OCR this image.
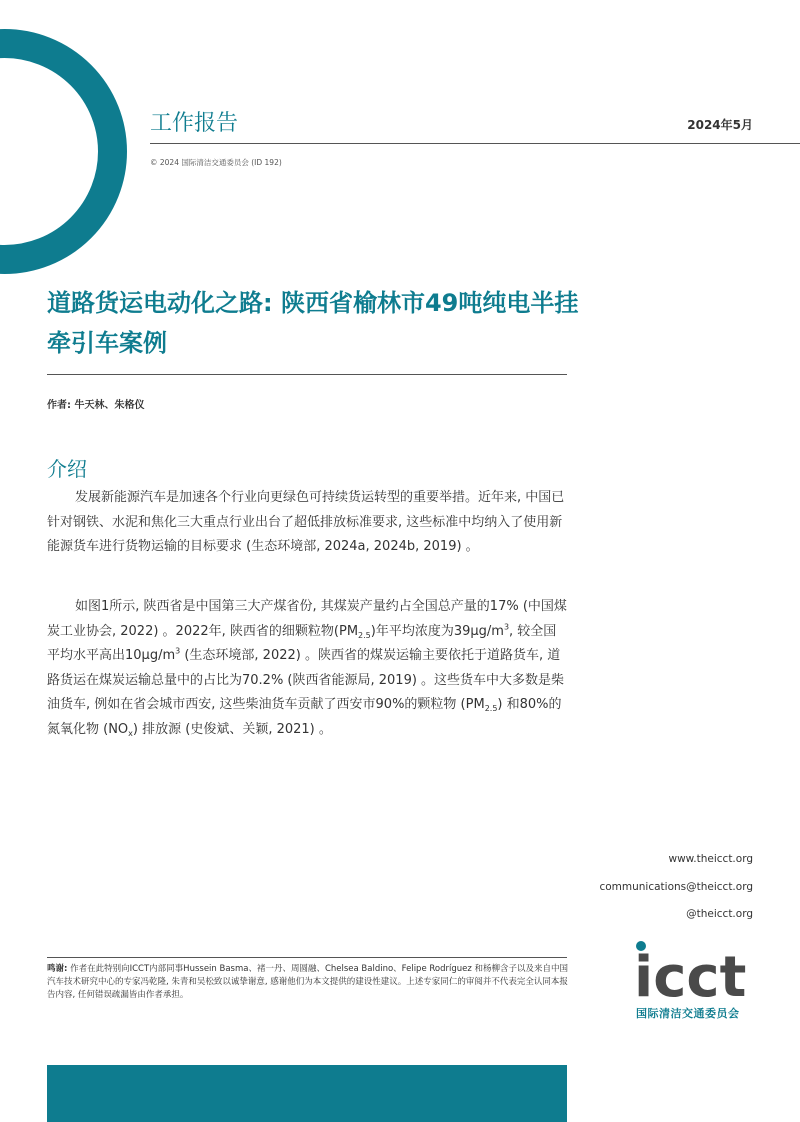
工作报告	2024年5月
© 2024 国际清洁交通委员会 (ID 192)
道路货运电动化之路: 陕西省榆林市49吨纯电半挂牵引车案例
作者: 牛天林、朱格仪
介绍

发展新能源汽车是加速各个行业向更绿色可持续货运转型的重要举措。近年来, 中国已针对钢铁、水泥和焦化三大重点行业出台了超低排放标准要求, 这些标准中均纳入了使用新能源货车进行货物运输的目标要求 (生态环境部, 2024a, 2024b, 2019) 。

如图1所示, 陕西省是中国第三大产煤省份, 其煤炭产量约占全国总产量的17% (中国煤炭工业协会, 2022) 。2022年, 陕西省的细颗粒物$(PM_{2.5})$年平均浓度为$39\mu g/m^3$, 较全国平均水平高出$10\mu g/m^3$ (生态环境部, 2022) 。陕西省的煤炭运输主要依托于道路货车, 道路货运在煤炭运输总量中的占比为70.2% (陕西省能源局, 2019) 。这些货车中大多数是柴油货车, 例如在省会城市西安, 这些柴油货车贡献了西安市90%的颗粒物 $(PM_{2.5})$ 和80%的氮氧化物 $(NO_x)$ 排放源 (史俊斌、关颖, 2021) 。

www.theicct.org
communications@theicct.org
@theicct.org

鸣谢: 作者在此特别向ICCT内部同事Hussein Basma、褚一丹、周圆融、Chelsea Baldino、Felipe Rodríguez 和杨柳含子以及来自中国汽车技术研究中心的专家冯乾隆, 朱青和吴松致以诚挚谢意, 感谢他们为本文提供的建设性建议。上述专家同仁的审阅并不代表完全认同本报告内容, 任何错误疏漏皆由作者承担。	icct
国际清洁交通委员会
